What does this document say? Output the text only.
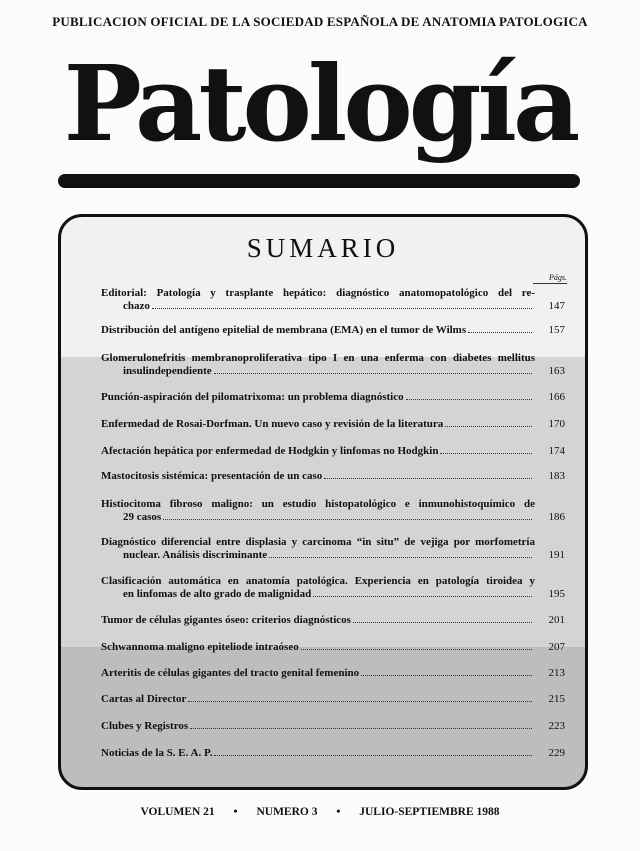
PUBLICACION OFICIAL DE LA SOCIEDAD ESPAÑOLA DE ANATOMIA PATOLOGICA
Patología
SUMARIO
Págs.
Editorial: Patología y trasplante hepático: diagnóstico anatomopatológico del re-
chazo	147
Distribución del antígeno epitelial de membrana (EMA) en el tumor de Wilms	157
Glomerulonefritis membranoproliferativa tipo I en una enferma con diabetes mellitus
insulindependiente	163
Punción-aspiración del pilomatrixoma: un problema diagnóstico	166
Enfermedad de Rosai-Dorfman. Un nuevo caso y revisión de la literatura	170
Afectación hepática por enfermedad de Hodgkin y linfomas no Hodgkin	174
Mastocitosis sistémica: presentación de un caso	183
Histiocitoma fibroso maligno: un estudio histopatológico e inmunohistoquímico de
29 casos	186
Diagnóstico diferencial entre displasia y carcinoma “in situ” de vejiga por morfometría
nuclear. Análisis discriminante	191
Clasificación automática en anatomía patológica. Experiencia en patología tiroidea y
en linfomas de alto grado de malignidad	195
Tumor de células gigantes óseo: criterios diagnósticos	201
Schwannoma maligno epiteliode intraóseo	207
Arteritis de células gigantes del tracto genital femenino	213
Cartas al Director	215
Clubes y Registros	223
Noticias de la S. E. A. P.	229
VOLUMEN 21 • NUMERO 3 • JULIO-SEPTIEMBRE 1988
